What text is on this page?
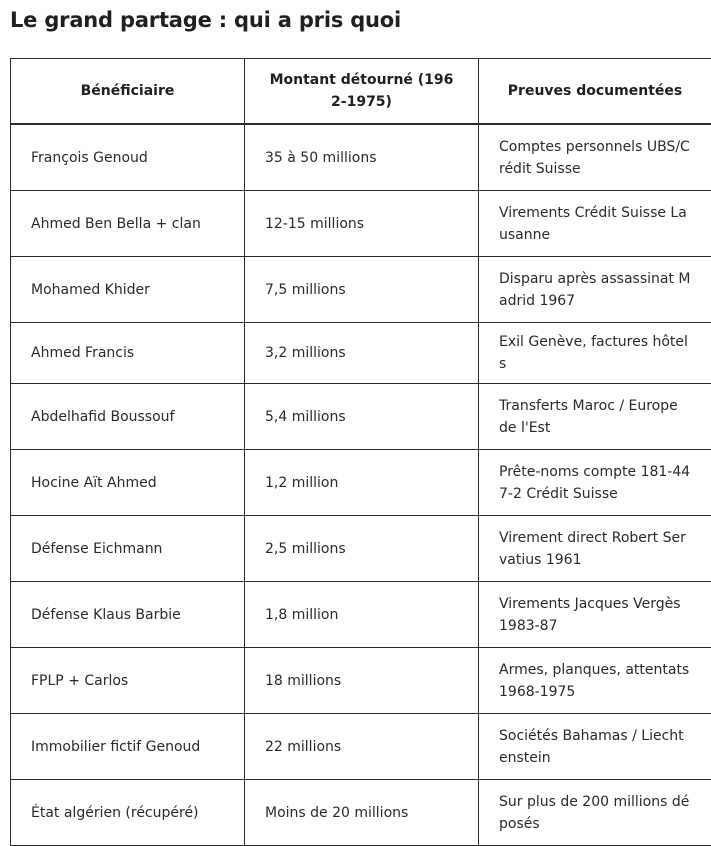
Le grand partage : qui a pris quoi
Bénéficiaire	Montant détourné (1962-1975)	Preuves documentées
François Genoud	35 à 50 millions	Comptes personnels UBS/Crédit Suisse
Ahmed Ben Bella + clan	12-15 millions	Virements Crédit Suisse Lausanne
Mohamed Khider	7,5 millions	Disparu après assassinat Madrid 1967
Ahmed Francis	3,2 millions	Exil Genève, factures hôtels
Abdelhafid Boussouf	5,4 millions	Transferts Maroc / Europe de l'Est
Hocine Aït Ahmed	1,2 million	Prête-noms compte 181-447-2 Crédit Suisse
Défense Eichmann	2,5 millions	Virement direct Robert Servatius 1961
Défense Klaus Barbie	1,8 million	Virements Jacques Vergès 1983-87
FPLP + Carlos	18 millions	Armes, planques, attentats 1968-1975
Immobilier fictif Genoud	22 millions	Sociétés Bahamas / Liechtenstein
État algérien (récupéré)	Moins de 20 millions	Sur plus de 200 millions déposés
